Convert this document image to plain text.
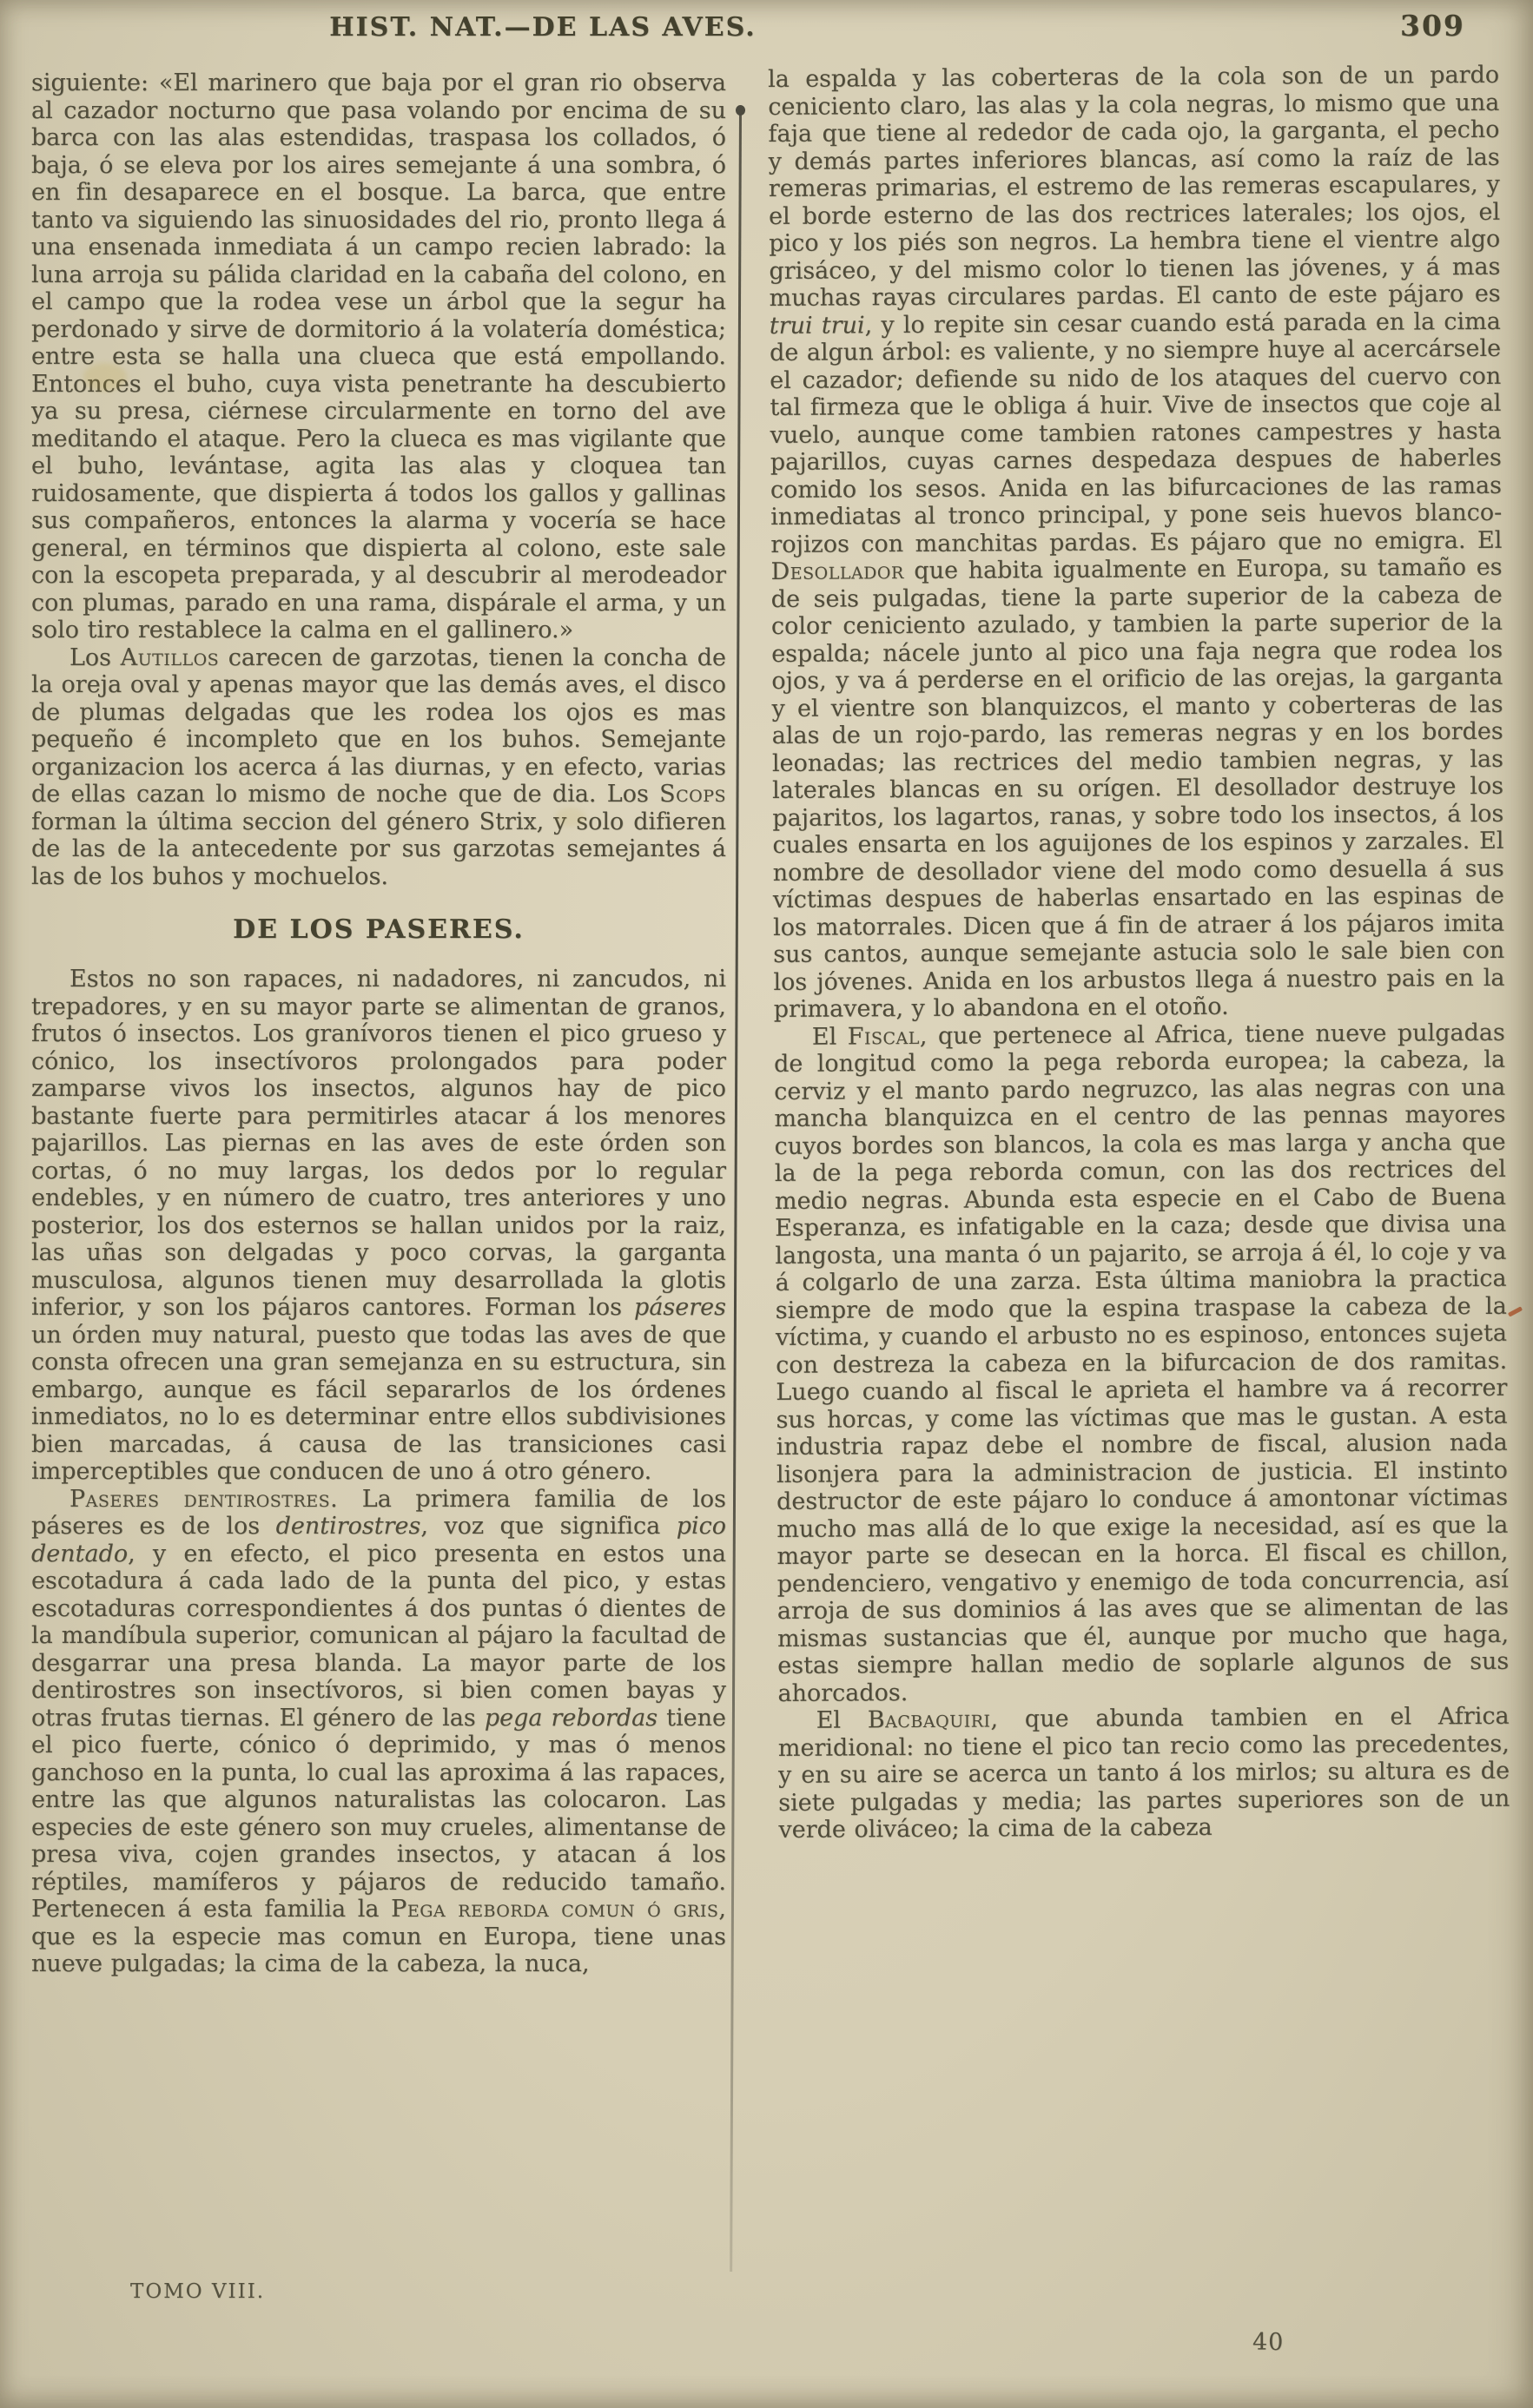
HIST. NAT.—DE LAS AVES.	309

siguiente: «El marinero que baja por el gran rio observa al cazador nocturno que pasa volando por encima de su barca con las alas estendidas, traspasa los collados, ó baja, ó se eleva por los aires semejante á una sombra, ó en fin desaparece en el bosque. La barca, que entre tanto va siguiendo las sinuosidades del rio, pronto llega á una ensenada inmediata á un campo recien labrado: la luna arroja su pálida claridad en la cabaña del colono, en el campo que la rodea vese un árbol que la segur ha perdonado y sirve de dormitorio á la volatería doméstica; entre esta se halla una clueca que está empollando. Entonces el buho, cuya vista penetrante ha descubierto ya su presa, ciérnese circularmente en torno del ave meditando el ataque. Pero la clueca es mas vigilante que el buho, levántase, agita las alas y cloquea tan ruidosamente, que dispierta á todos los gallos y gallinas sus compañeros, entonces la alarma y vocería se hace general, en términos que dispierta al colono, este sale con la escopeta preparada, y al descubrir al merodeador con plumas, parado en una rama, dispárale el arma, y un solo tiro restablece la calma en el gallinero.»

Los Autillos carecen de garzotas, tienen la concha de la oreja oval y apenas mayor que las demás aves, el disco de plumas delgadas que les rodea los ojos es mas pequeño é incompleto que en los buhos. Semejante organizacion los acerca á las diurnas, y en efecto, varias de ellas cazan lo mismo de noche que de dia. Los Scops forman la última seccion del género Strix, y solo difieren de las de la antecedente por sus garzotas semejantes á las de los buhos y mochuelos.

DE LOS PASERES.

Estos no son rapaces, ni nadadores, ni zancudos, ni trepadores, y en su mayor parte se alimentan de granos, frutos ó insectos. Los granívoros tienen el pico grueso y cónico, los insectívoros prolongados para poder zamparse vivos los insectos, algunos hay de pico bastante fuerte para permitirles atacar á los menores pajarillos. Las piernas en las aves de este órden son cortas, ó no muy largas, los dedos por lo regular endebles, y en número de cuatro, tres anteriores y uno posterior, los dos esternos se hallan unidos por la raiz, las uñas son delgadas y poco corvas, la garganta musculosa, algunos tienen muy desarrollada la glotis inferior, y son los pájaros cantores. Forman los páseres un órden muy natural, puesto que todas las aves de que consta ofrecen una gran semejanza en su estructura, sin embargo, aunque es fácil separarlos de los órdenes inmediatos, no lo es determinar entre ellos subdivisiones bien marcadas, á causa de las transiciones casi imperceptibles que conducen de uno á otro género.

Paseres dentirostres. La primera familia de los páseres es de los dentirostres, voz que significa pico dentado, y en efecto, el pico presenta en estos una escotadura á cada lado de la punta del pico, y estas escotaduras correspondientes á dos puntas ó dientes de la mandíbula superior, comunican al pájaro la facultad de desgarrar una presa blanda. La mayor parte de los dentirostres son insectívoros, si bien comen bayas y otras frutas tiernas. El género de las pega rebordas tiene el pico fuerte, cónico ó deprimido, y mas ó menos ganchoso en la punta, lo cual las aproxima á las rapaces, entre las que algunos naturalistas las colocaron. Las especies de este género son muy crueles, alimentanse de presa viva, cojen grandes insectos, y atacan á los réptiles, mamíferos y pájaros de reducido tamaño. Pertenecen á esta familia la Pega reborda comun ó gris, que es la especie mas comun en Europa, tiene unas nueve pulgadas; la cima de la cabeza, la nuca,

la espalda y las coberteras de la cola son de un pardo ceniciento claro, las alas y la cola negras, lo mismo que una faja que tiene al rededor de cada ojo, la garganta, el pecho y demás partes inferiores blancas, así como la raíz de las remeras primarias, el estremo de las remeras escapulares, y el borde esterno de las dos rectrices laterales; los ojos, el pico y los piés son negros. La hembra tiene el vientre algo grisáceo, y del mismo color lo tienen las jóvenes, y á mas muchas rayas circulares pardas. El canto de este pájaro es trui trui, y lo repite sin cesar cuando está parada en la cima de algun árbol: es valiente, y no siempre huye al acercársele el cazador; defiende su nido de los ataques del cuervo con tal firmeza que le obliga á huir. Vive de insectos que coje al vuelo, aunque come tambien ratones campestres y hasta pajarillos, cuyas carnes despedaza despues de haberles comido los sesos. Anida en las bifurcaciones de las ramas inmediatas al tronco principal, y pone seis huevos blanco-rojizos con manchitas pardas. Es pájaro que no emigra. El Desollador que habita igualmente en Europa, su tamaño es de seis pulgadas, tiene la parte superior de la cabeza de color ceniciento azulado, y tambien la parte superior de la espalda; nácele junto al pico una faja negra que rodea los ojos, y va á perderse en el orificio de las orejas, la garganta y el vientre son blanquizcos, el manto y coberteras de las alas de un rojo-pardo, las remeras negras y en los bordes leonadas; las rectrices del medio tambien negras, y las laterales blancas en su orígen. El desollador destruye los pajaritos, los lagartos, ranas, y sobre todo los insectos, á los cuales ensarta en los aguijones de los espinos y zarzales. El nombre de desollador viene del modo como desuella á sus víctimas despues de haberlas ensartado en las espinas de los matorrales. Dicen que á fin de atraer á los pájaros imita sus cantos, aunque semejante astucia solo le sale bien con los jóvenes. Anida en los arbustos llega á nuestro pais en la primavera, y lo abandona en el otoño.

El Fiscal, que pertenece al Africa, tiene nueve pulgadas de longitud como la pega reborda europea; la cabeza, la cerviz y el manto pardo negruzco, las alas negras con una mancha blanquizca en el centro de las pennas mayores cuyos bordes son blancos, la cola es mas larga y ancha que la de la pega reborda comun, con las dos rectrices del medio negras. Abunda esta especie en el Cabo de Buena Esperanza, es infatigable en la caza; desde que divisa una langosta, una manta ó un pajarito, se arroja á él, lo coje y va á colgarlo de una zarza. Esta última maniobra la practica siempre de modo que la espina traspase la cabeza de la víctima, y cuando el arbusto no es espinoso, entonces sujeta con destreza la cabeza en la bifurcacion de dos ramitas. Luego cuando al fiscal le aprieta el hambre va á recorrer sus horcas, y come las víctimas que mas le gustan. A esta industria rapaz debe el nombre de fiscal, alusion nada lisonjera para la administracion de justicia. El instinto destructor de este pájaro lo conduce á amontonar víctimas mucho mas allá de lo que exige la necesidad, así es que la mayor parte se desecan en la horca. El fiscal es chillon, pendenciero, vengativo y enemigo de toda concurrencia, así arroja de sus dominios á las aves que se alimentan de las mismas sustancias que él, aunque por mucho que haga, estas siempre hallan medio de soplarle algunos de sus ahorcados.

El Bacbaquiri, que abunda tambien en el Africa meridional: no tiene el pico tan recio como las precedentes, y en su aire se acerca un tanto á los mirlos; su altura es de siete pulgadas y media; las partes superiores son de un verde oliváceo; la cima de la cabeza

TOMO VIII.
40
